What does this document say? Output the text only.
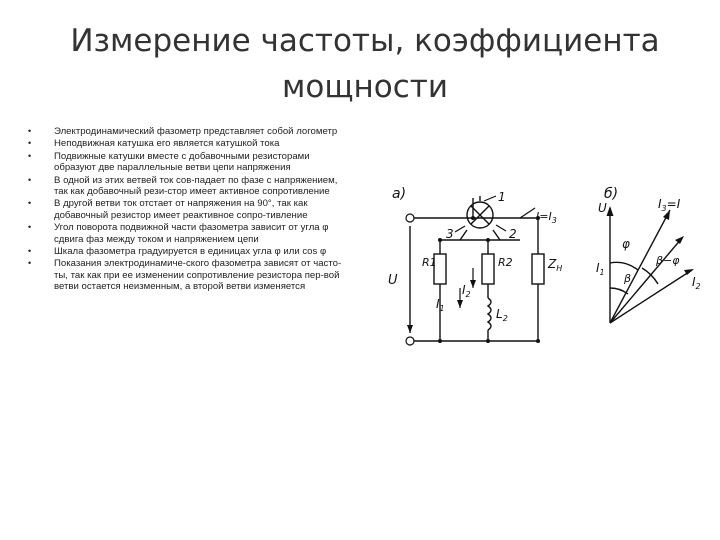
Измерение частоты, коэффициента
мощности
• Электродинамический фазометр представляет собой логометр
• Неподвижная катушка его является катушкой тока
• Подвижные катушки вместе с добавочными резисторами образуют две параллельные ветви цепи напряжения
• В одной из этих ветвей ток сов-падает по фазе с напряжением, так как добавочный рези-стор имеет активное сопротивление
• В другой ветви ток отстает от напряжения на 90°, так как добавочный резистор имеет реактивное сопро-тивление
• Угол поворота подвижной части фазометра зависит от угла φ сдвига фаз между током и напряжением цепи
• Шкала фазометра градуируется в единицах угла φ или cos φ
• Показания электродинамиче-ского фазометра зависят от часто-ты, так как при ее изменении сопротивление резистора пер-вой ветви остается неизменным, а второй ветви изменяется
a)	1
2
3
$I=I_3$
U
R1	R2	$Z_H$
$I_1$
$I_2$
$L_2$
б)
U	$I_3=I$
φ
β
β−φ
$I_1$
$I_2$
